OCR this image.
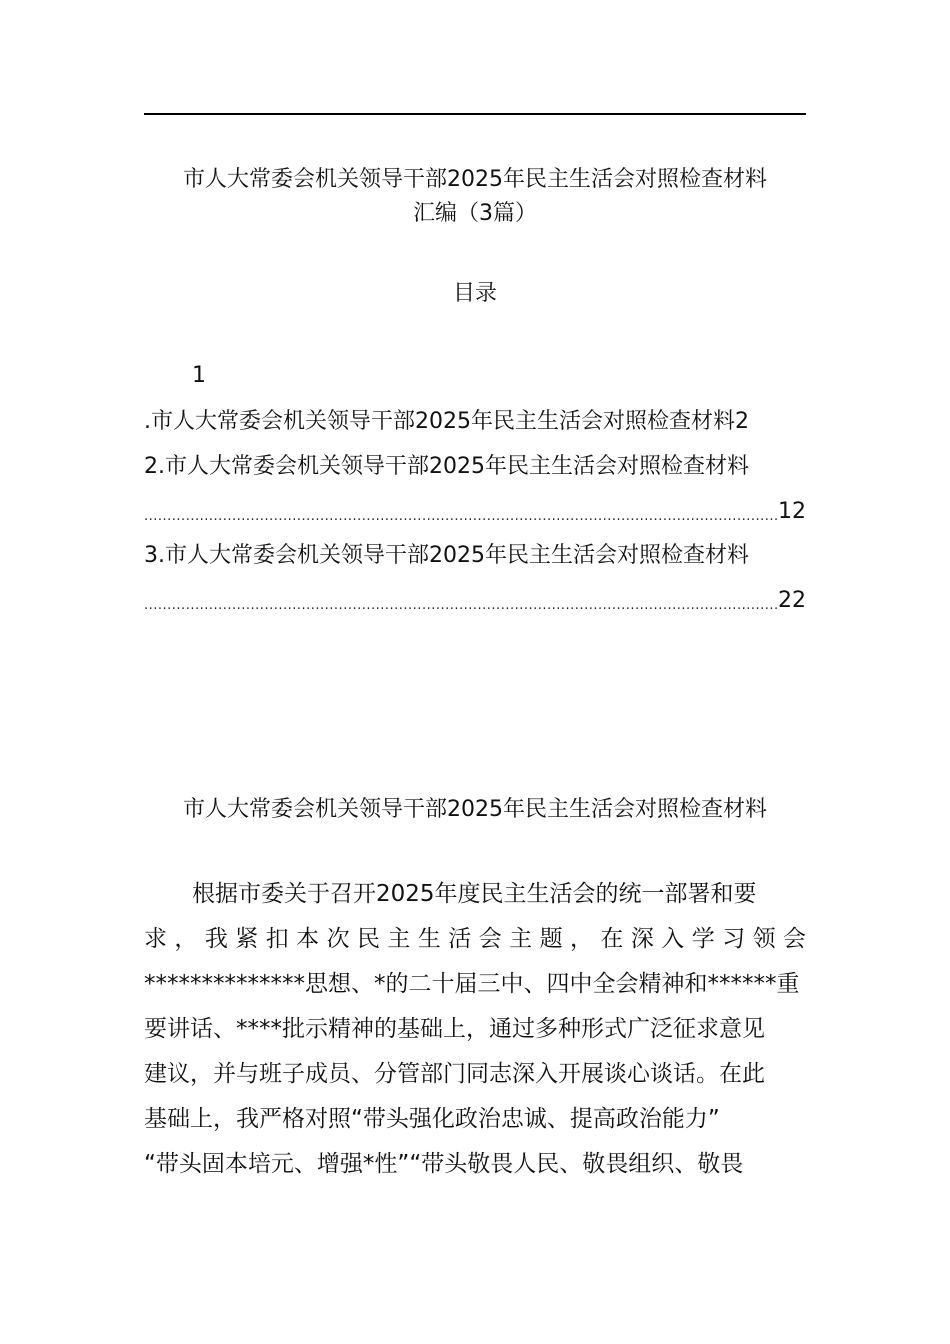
市人大常委会机关领导干部2025年民主生活会对照检查材料
汇编（3篇）
目录
1
.市人大常委会机关领导干部2025年民主生活会对照检查材料2
2.市人大常委会机关领导干部2025年民主生活会对照检查材料
.....
12
3.市人大常委会机关领导干部2025年民主生活会对照检查材料
.....
22
市人大常委会机关领导干部2025年民主生活会对照检查材料
根据市委关于召开2025年度民主生活会的统一部署和要
求，我紧扣本次民主生活会主题，在深入学习领会
**************思想、*的二十届三中、四中全会精神和******重
要讲话、****批示精神的基础上，通过多种形式广泛征求意见
建议，并与班子成员、分管部门同志深入开展谈心谈话。在此
基础上，我严格对照“带头强化政治忠诚、提高政治能力”
“带头固本培元、增强*性”“带头敬畏人民、敬畏组织、敬畏
